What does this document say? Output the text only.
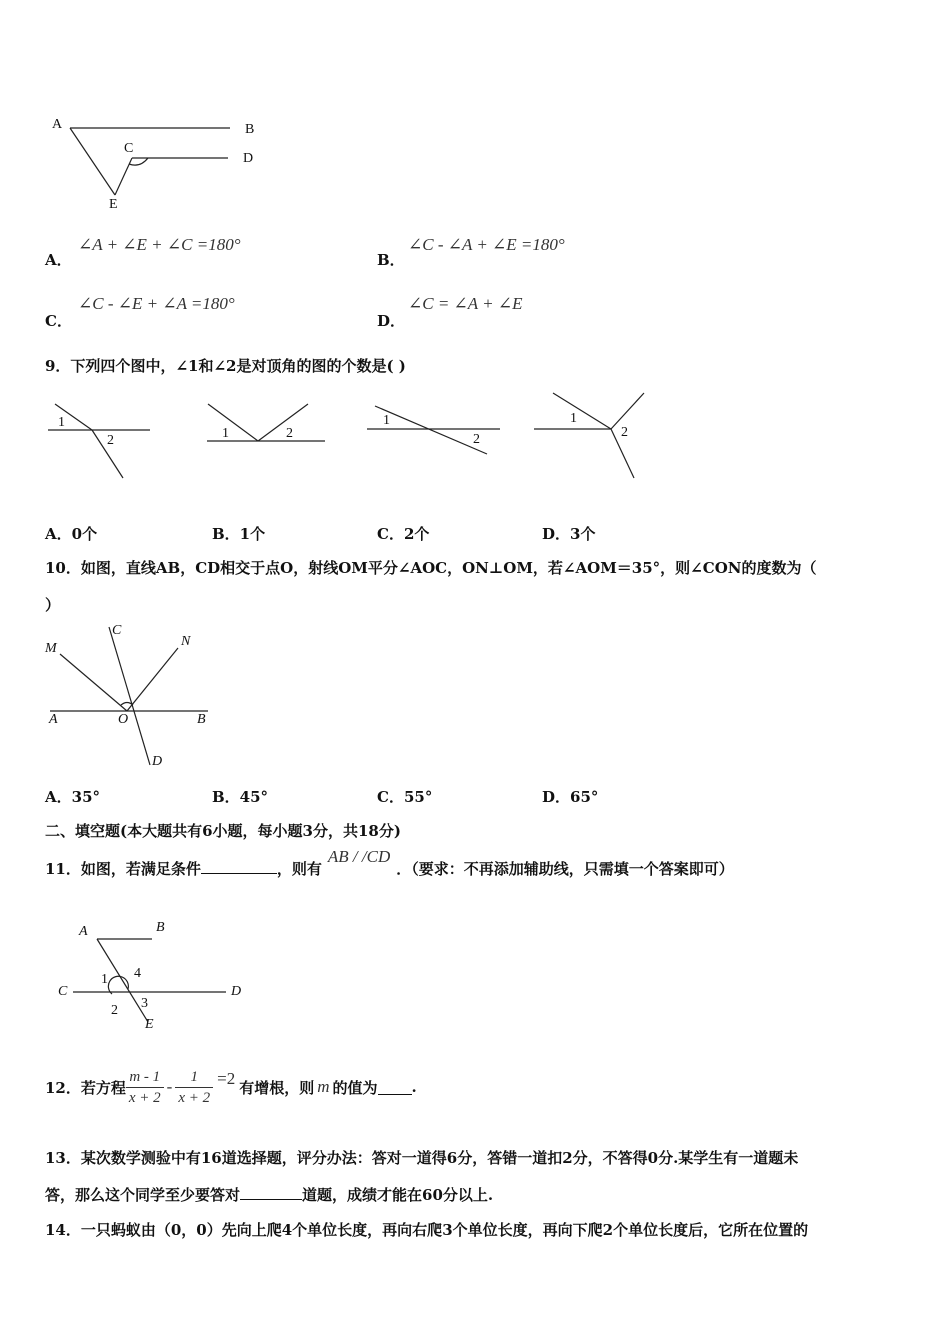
A	B
C
D
E
A．
∠A + ∠E + ∠C =180°
B．
∠C - ∠A + ∠E =180°
C．
∠C - ∠E + ∠A =180°
D．
∠C = ∠A + ∠E
9．下列四个图中，∠1和∠2是对顶角的图的个数是( )
1
2	1	2
1
2
1
2
A．0个	B．1个	C．2个	D．3个
10．如图，直线AB，CD相交于点O，射线OM平分∠AOC，ON⊥OM，若∠AOM＝35°，则∠CON的度数为（
）
M
C
N
A	O	B
D
A．35°	B．45°	C．55°	D．65°
二、填空题(本大题共有6小题，每小题3分，共18分)
11．如图，若满足条件	，则有AB / /CD．（要求：不再添加辅助线，只需填一个答案即可）
A	B
C	D
E
1
2 3
4
12．若方程 $\frac{m - 1}{x + 2} - \frac{1}{x + 2} =2$ 有增根，则 m 的值为 .
13．某次数学测验中有16道选择题，评分办法：答对一道得6分，答错一道扣2分，不答得0分.某学生有一道题未
答，那么这个同学至少要答对	道题，成绩才能在60分以上.
14．一只蚂蚁由（0，0）先向上爬4个单位长度，再向右爬3个单位长度，再向下爬2个单位长度后，它所在位置的
